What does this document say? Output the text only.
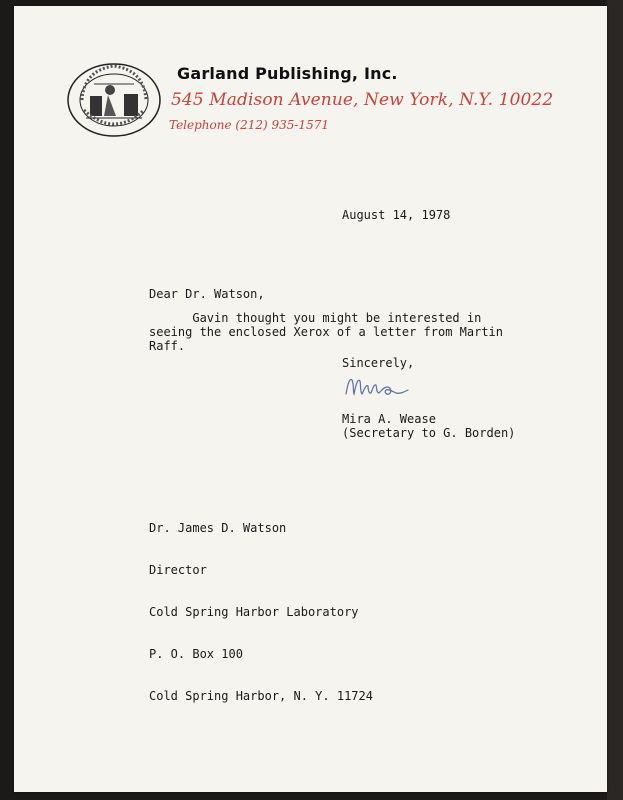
Garland Publishing, Inc.
545 Madison Avenue, New York, N.Y. 10022
Telephone (212) 935-1571
August 14, 1978
Dear Dr. Watson,
Gavin thought you might be interested in
seeing the enclosed Xerox of a letter from Martin
Raff.
Sincerely,
Mira A. Wease
(Secretary to G. Borden)

Dr. James D. Watson

Director

Cold Spring Harbor Laboratory

P. O. Box 100

Cold Spring Harbor, N. Y. 11724
